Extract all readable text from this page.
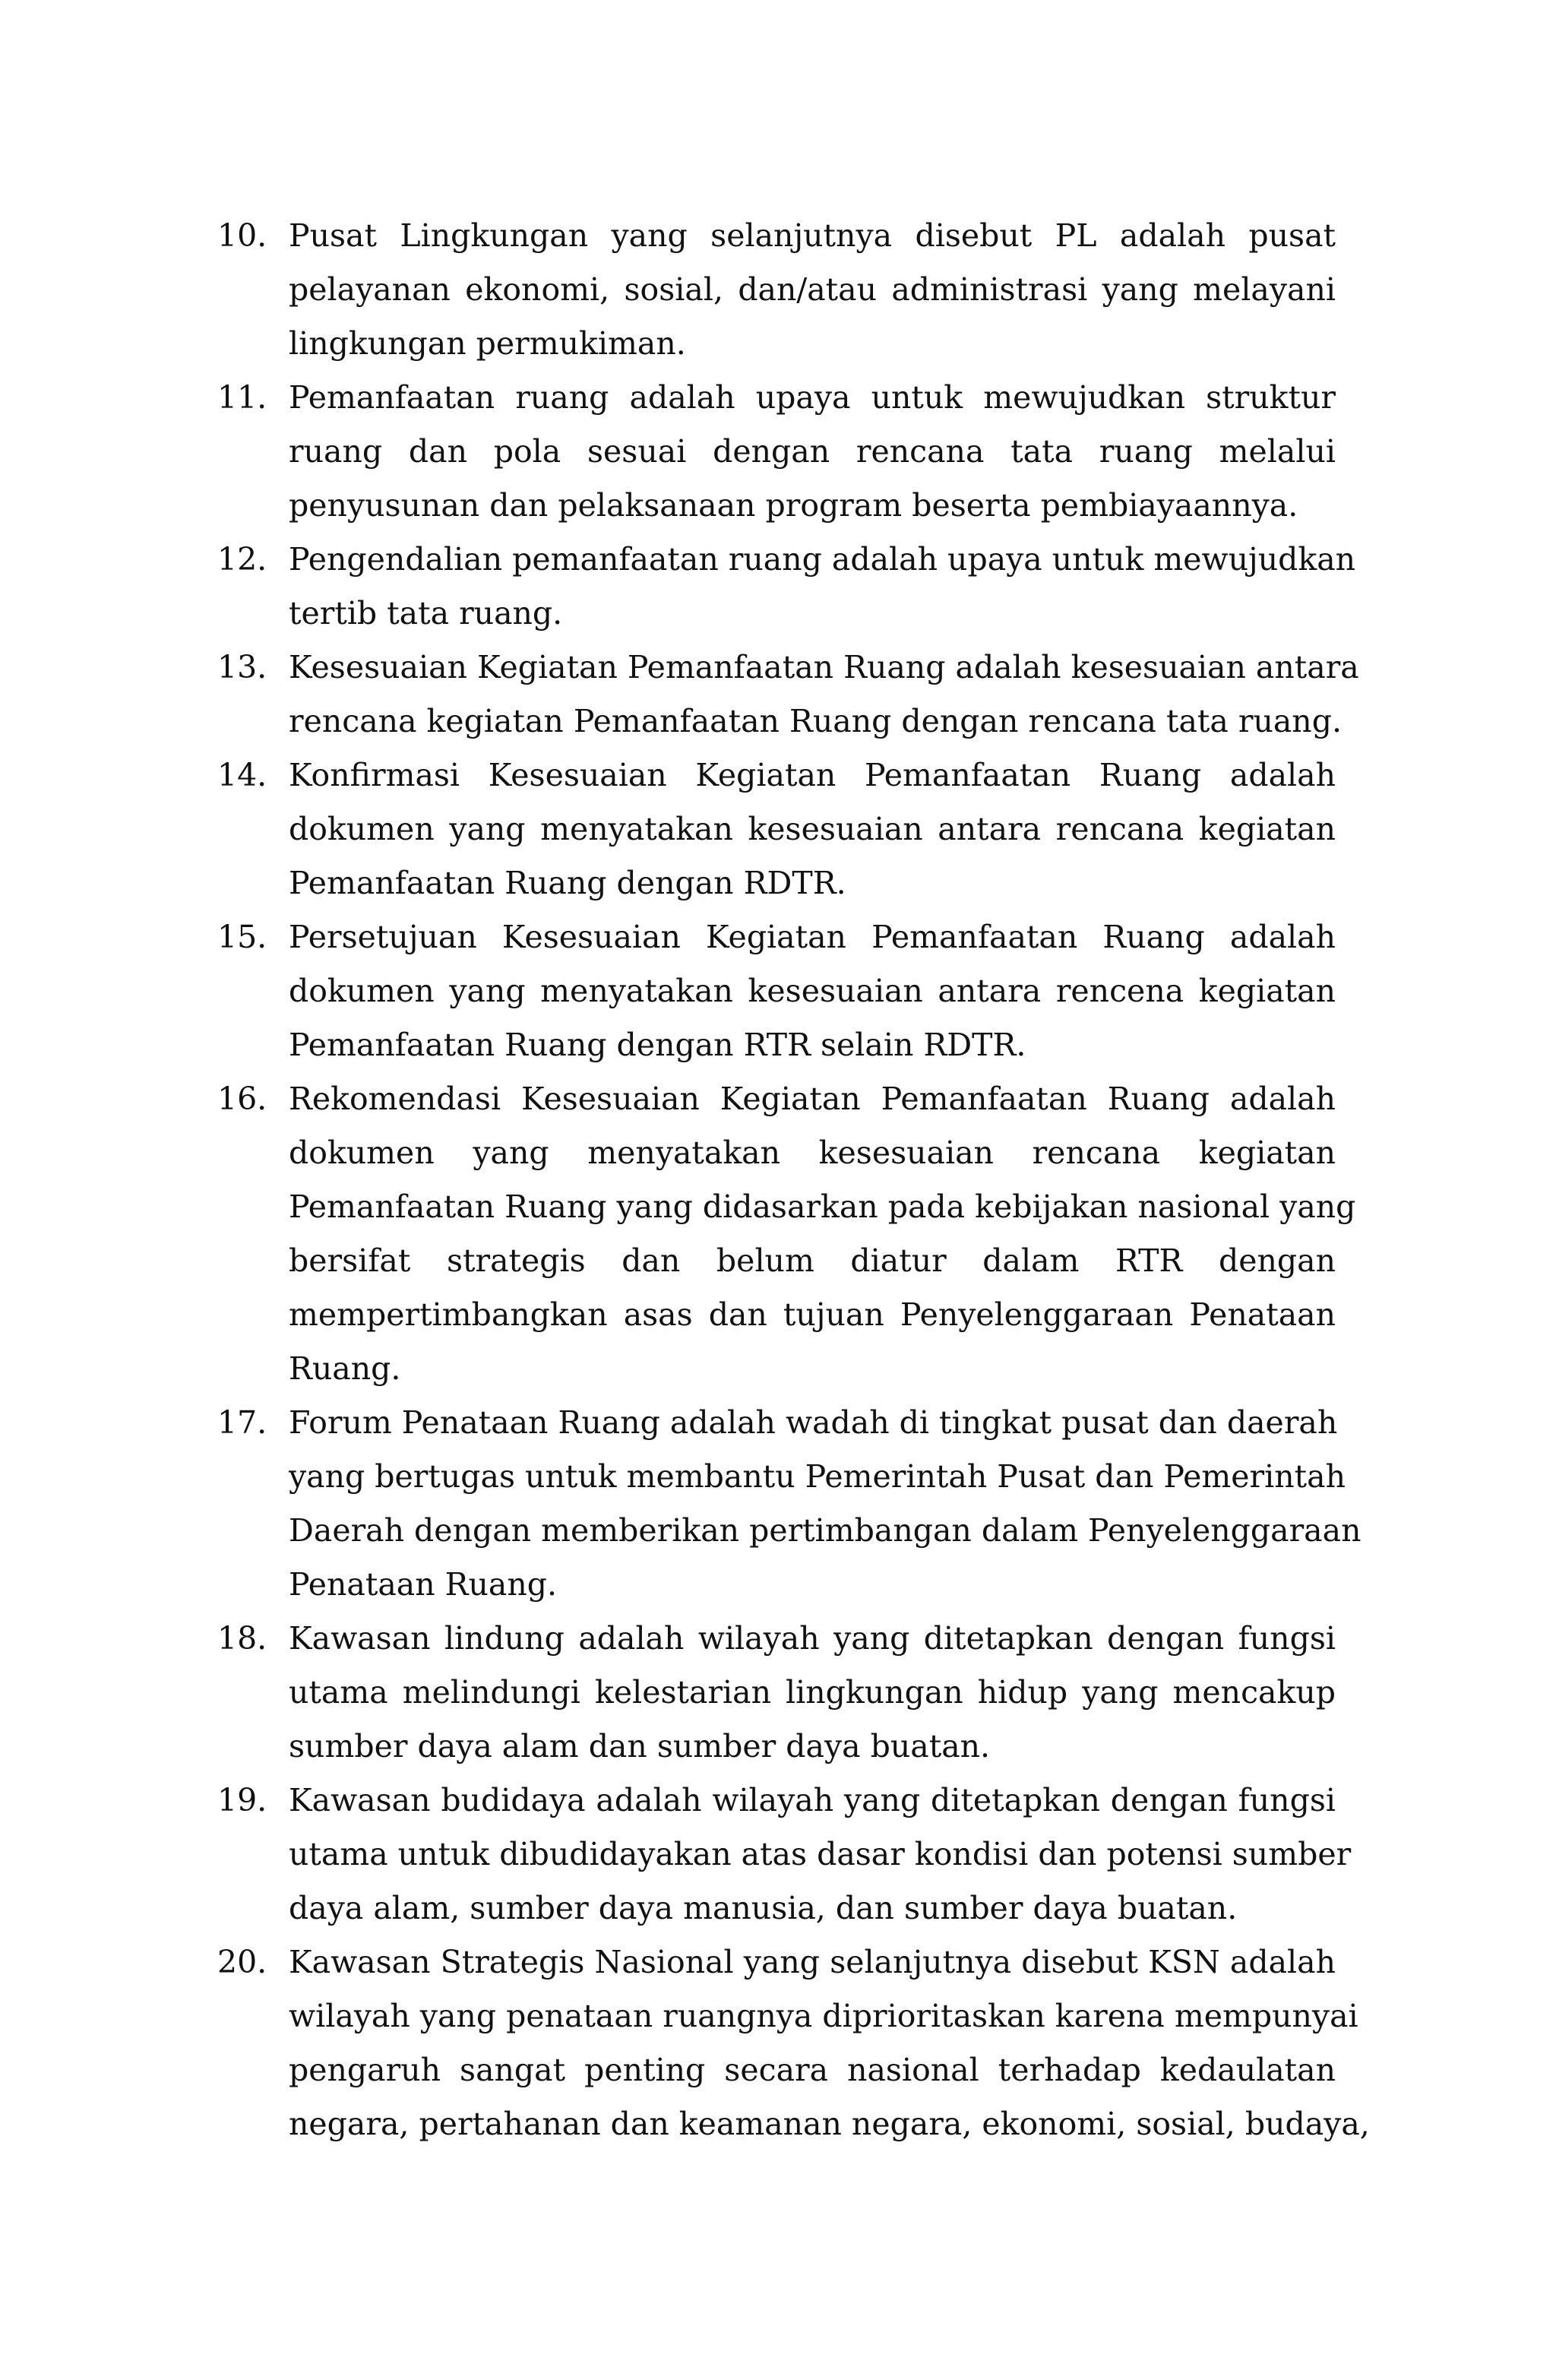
10. Pusat Lingkungan yang selanjutnya disebut PL adalah pusat
pelayanan ekonomi, sosial, dan/atau administrasi yang melayani
lingkungan permukiman.
11. Pemanfaatan ruang adalah upaya untuk mewujudkan struktur
ruang dan pola sesuai dengan rencana tata ruang melalui
penyusunan dan pelaksanaan program beserta pembiayaannya.
12. Pengendalian pemanfaatan ruang adalah upaya untuk mewujudkan
tertib tata ruang.
13. Kesesuaian Kegiatan Pemanfaatan Ruang adalah kesesuaian antara
rencana kegiatan Pemanfaatan Ruang dengan rencana tata ruang.
14. Konfirmasi Kesesuaian Kegiatan Pemanfaatan Ruang adalah
dokumen yang menyatakan kesesuaian antara rencana kegiatan
Pemanfaatan Ruang dengan RDTR.
15. Persetujuan Kesesuaian Kegiatan Pemanfaatan Ruang adalah
dokumen yang menyatakan kesesuaian antara rencena kegiatan
Pemanfaatan Ruang dengan RTR selain RDTR.
16. Rekomendasi Kesesuaian Kegiatan Pemanfaatan Ruang adalah
dokumen yang menyatakan kesesuaian rencana kegiatan
Pemanfaatan Ruang yang didasarkan pada kebijakan nasional yang
bersifat strategis dan belum diatur dalam RTR dengan
mempertimbangkan asas dan tujuan Penyelenggaraan Penataan
Ruang.
17. Forum Penataan Ruang adalah wadah di tingkat pusat dan daerah
yang bertugas untuk membantu Pemerintah Pusat dan Pemerintah
Daerah dengan memberikan pertimbangan dalam Penyelenggaraan
Penataan Ruang.
18. Kawasan lindung adalah wilayah yang ditetapkan dengan fungsi
utama melindungi kelestarian lingkungan hidup yang mencakup
sumber daya alam dan sumber daya buatan.
19. Kawasan budidaya adalah wilayah yang ditetapkan dengan fungsi
utama untuk dibudidayakan atas dasar kondisi dan potensi sumber
daya alam, sumber daya manusia, dan sumber daya buatan.
20. Kawasan Strategis Nasional yang selanjutnya disebut KSN adalah
wilayah yang penataan ruangnya diprioritaskan karena mempunyai
pengaruh sangat penting secara nasional terhadap kedaulatan
negara, pertahanan dan keamanan negara, ekonomi, sosial, budaya,
